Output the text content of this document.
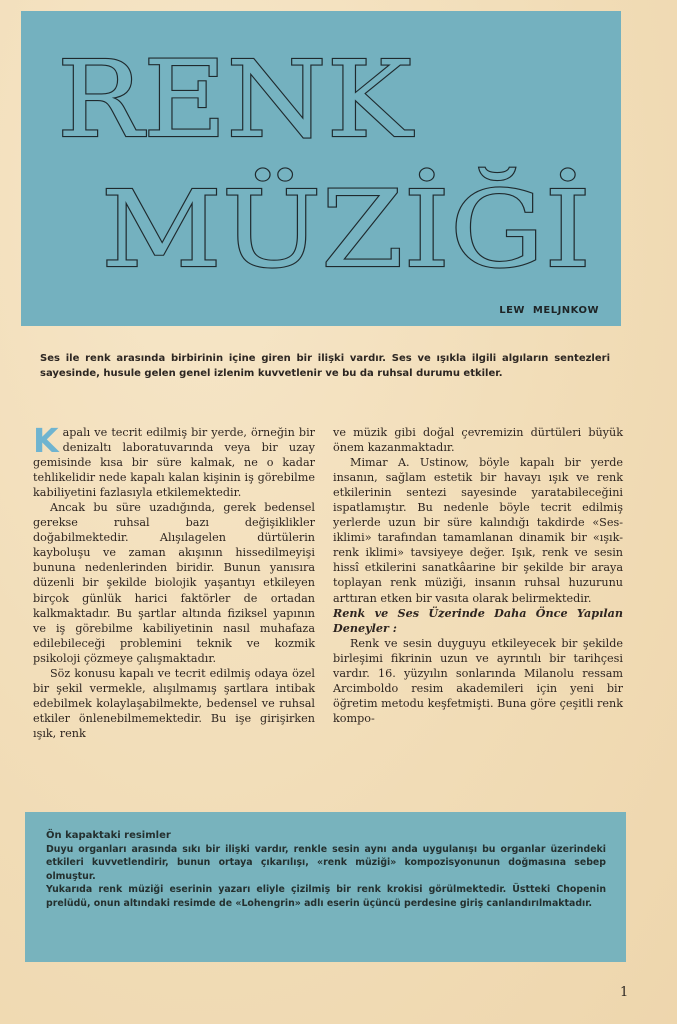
RENK
MÜZİĞİ
LEW MELJNKOW
Ses ile renk arasında birbirinin içine giren bir ilişki vardır. Ses ve ışıkla ilgili algıların sentezleri sayesinde, husule gelen genel izlenim kuvvetlenir ve bu da ruhsal durumu etkiler.

Kapalı ve tecrit edilmiş bir yerde, örneğin bir denizaltı laboratuvarında veya bir uzay gemisinde kısa bir süre kalmak, ne o kadar tehlikelidir nede kapalı kalan kişinin iş görebilme kabiliyetini fazlasıyla etkilemektedir.

Ancak bu süre uzadığında, gerek bedensel gerekse ruhsal bazı değişiklikler doğabilmektedir. Alışılagelen dürtülerin kayboluşu ve zaman akışının hissedilmeyişi bununa nedenlerinden biridir. Bunun yanısıra düzenli bir şekilde biolojik yaşantıyı etkileyen birçok günlük harici faktörler de ortadan kalkmaktadır. Bu şartlar altında fiziksel yapının ve iş görebilme kabiliyetinin nasıl muhafaza edilebileceği problemini teknik ve kozmik psikoloji çözmeye çalışmaktadır.

Söz konusu kapalı ve tecrit edilmiş odaya özel bir şekil vermekle, alışılmamış şartlara intibak edebilmek kolaylaşabilmekte, bedensel ve ruhsal etkiler önlenebilmemektedir. Bu işe girişirken ışık, renk

ve müzik gibi doğal çevremizin dürtüleri büyük önem kazanmaktadır.

Mimar A. Ustinow, böyle kapalı bir yerde insanın, sağlam estetik bir havayı ışık ve renk etkilerinin sentezi sayesinde yaratabileceğini ispatlamıştır. Bu nedenle böyle tecrit edilmiş yerlerde uzun bir süre kalındığı takdirde «Ses-iklimi» tarafından tamamlanan dinamik bir «ışık-renk iklimi» tavsiyeye değer. Işık, renk ve sesin hissî etkilerini sanatkâarine bir şekilde bir araya toplayan renk müziği, insanın ruhsal huzurunu arttıran etken bir vasıta olarak belirmektedir.

Renk ve Ses Üzerinde Daha Önce Yapılan Deneyler :

Renk ve sesin duyguyu etkileyecek bir şekilde birleşimi fikrinin uzun ve ayrıntılı bir tarihçesi vardır. 16. yüzyılın sonlarında Milanolu ressam Arcimboldo resim akademileri için yeni bir öğretim metodu keşfetmişti. Buna göre çeşitli renk kompo-

Ön kapaktaki resimler

Duyu organları arasında sıkı bir ilişki vardır, renkle sesin aynı anda uygulanışı bu organlar üzerindeki etkileri kuvvetlendirir, bunun ortaya çıkarılışı, «renk müziği» kompozisyonunun doğmasına sebep olmuştur.

Yukarıda renk müziği eserinin yazarı eliyle çizilmiş bir renk krokisi görülmektedir. Üstteki Chopenin prelüdü, onun altındaki resimde de «Lohengrin» adlı eserin üçüncü perdesine giriş canlandırılmaktadır.

1
